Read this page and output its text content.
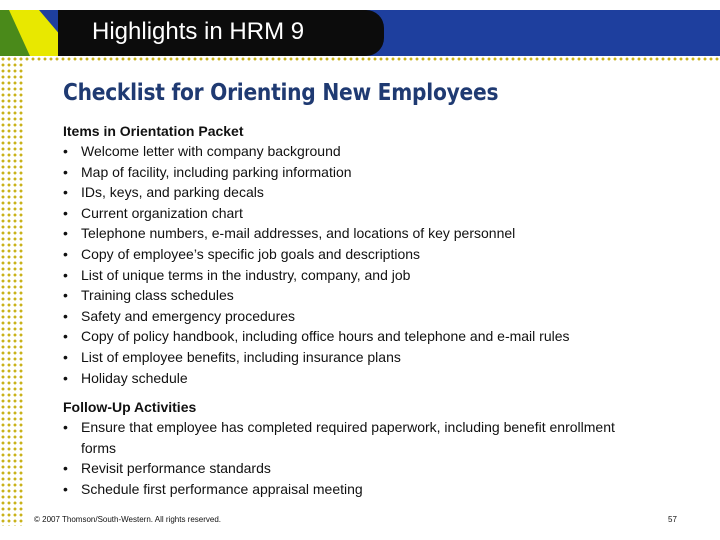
Highlights in HRM 9
Checklist for Orienting New Employees
Items in Orientation Packet
• Welcome letter with company background
• Map of facility, including parking information
• IDs, keys, and parking decals
• Current organization chart
• Telephone numbers, e-mail addresses, and locations of key personnel
• Copy of employee’s specific job goals and descriptions
• List of unique terms in the industry, company, and job
• Training class schedules
• Safety and emergency procedures
• Copy of policy handbook, including office hours and telephone and e-mail rules
• List of employee benefits, including insurance plans
• Holiday schedule
Follow-Up Activities
• Ensure that employee has completed required paperwork, including benefit enrollment forms
• Revisit performance standards
• Schedule first performance appraisal meeting
© 2007 Thomson/South-Western. All rights reserved.	57
